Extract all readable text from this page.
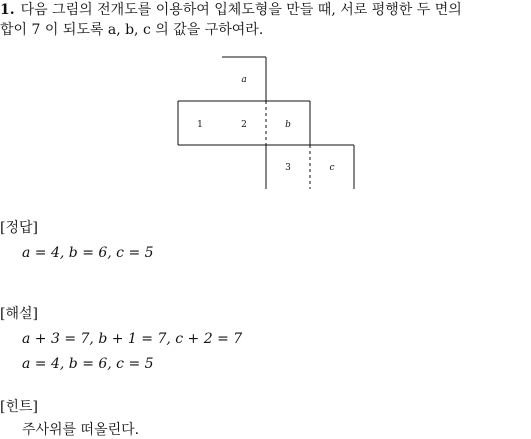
1. 다음 그림의 전개도를 이용하여 입체도형을 만들 때, 서로 평행한 두 면의
합이 7 이 되도록 a, b, c 의 값을 구하여라.
a
1	2	b
3	c
[정답]
a = 4, b = 6, c = 5
[해설]
a + 3 = 7, b + 1 = 7, c + 2 = 7
a = 4, b = 6, c = 5
[힌트]
주사위를 떠올린다.
